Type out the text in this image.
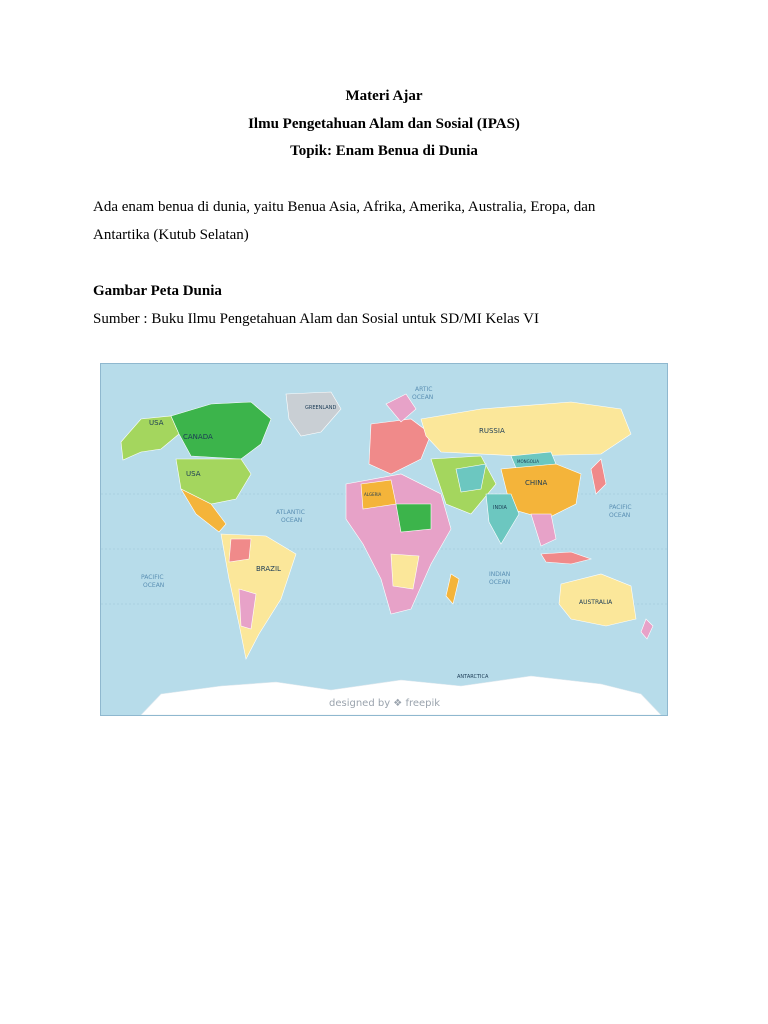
Materi Ajar
Ilmu Pengetahuan Alam dan Sosial (IPAS)
Topik: Enam Benua di Dunia
Ada enam benua di dunia, yaitu Benua Asia, Afrika, Amerika, Australia, Eropa, dan
Antartika (Kutub Selatan)
Gambar Peta Dunia
Sumber : Buku Ilmu Pengetahuan Alam dan Sosial untuk SD/MI Kelas VI
USA
GREENLAND
CANADA
USA
BRAZIL
RUSSIA
CHINA
INDIA
AUSTRALIA
ANTARCTICA
ALGERIA
MONGOLIA
ARTIC
OCEAN
ATLANTIC
OCEAN
PACIFIC
OCEAN
PACIFIC
OCEAN
INDIAN
OCEAN
designed by ❖ freepik
